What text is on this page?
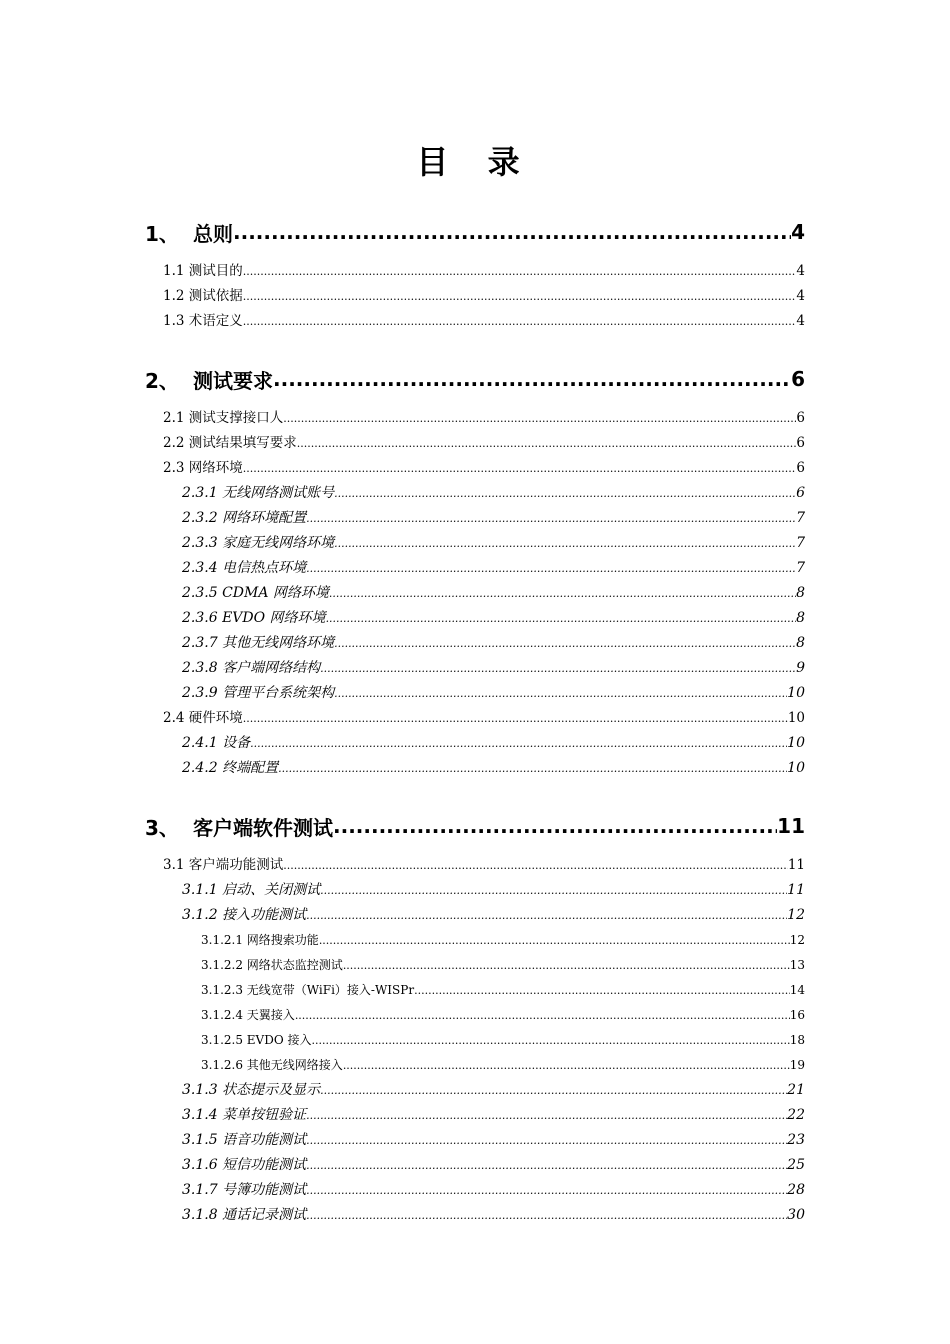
目 录
1、 总则 .....	4
1.1 测试目的 .....	4
1.2 测试依据 .....	4
1.3 术语定义 .....	4
2、 测试要求 .....	6
2.1 测试支撑接口人 .....	6
2.2 测试结果填写要求 .....	6
2.3 网络环境 .....	6
2.3.1 无线网络测试账号 .....	6
2.3.2 网络环境配置 .....	7
2.3.3 家庭无线网络环境 .....	7
2.3.4 电信热点环境 .....	7
2.3.5 CDMA 网络环境 .....	8
2.3.6 EVDO 网络环境 .....	8
2.3.7 其他无线网络环境 .....	8
2.3.8 客户端网络结构 .....	9
2.3.9 管理平台系统架构 .....	10
2.4 硬件环境 .....	10
2.4.1 设备 .....	10
2.4.2 终端配置 .....	10
3、 客户端软件测试 .....	11
3.1 客户端功能测试 .....	11
3.1.1 启动、关闭测试 .....	11
3.1.2 接入功能测试 .....	12
3.1.2.1 网络搜索功能 .....	12
3.1.2.2 网络状态监控测试 .....	13
3.1.2.3 无线宽带（WiFi）接入-WISPr .....	14
3.1.2.4 天翼接入 .....	16
3.1.2.5 EVDO 接入 .....	18
3.1.2.6 其他无线网络接入 .....	19
3.1.3 状态提示及显示 .....	21
3.1.4 菜单按钮验证 .....	22
3.1.5 语音功能测试 .....	23
3.1.6 短信功能测试 .....	25
3.1.7 号簿功能测试 .....	28
3.1.8 通话记录测试 .....	30
